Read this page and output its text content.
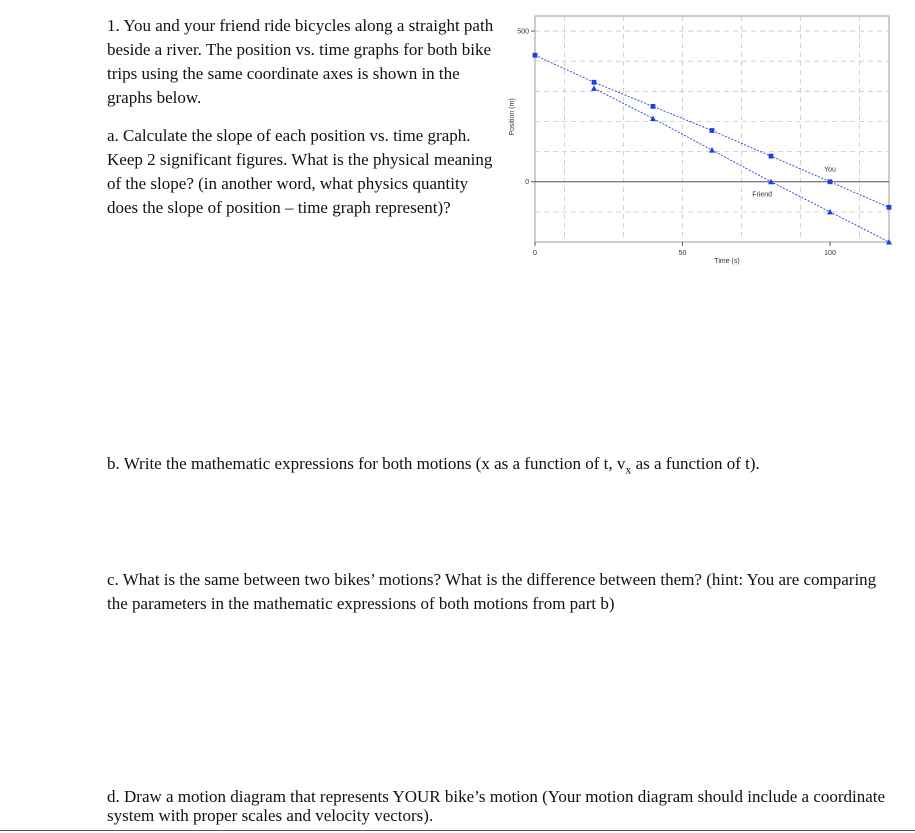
1. You and your friend ride bicycles along a straight path beside a river. The position vs. time graphs for both bike trips using the same coordinate axes is shown in the graphs below.

a. Calculate the slope of each position vs. time graph. Keep 2 significant figures. What is the physical meaning of the slope? (in another word, what physics quantity does the slope of position – time graph represent)?

0	50	100
0
500
Time (s)
Position (m)
You
Friend

b. Write the mathematic expressions for both motions (x as a function of t, $v_x$ as a function of t).

c. What is the same between two bikes’ motions? What is the difference between them? (hint: You are comparing the parameters in the mathematic expressions of both motions from part b)

d. Draw a motion diagram that represents YOUR bike’s motion (Your motion diagram should include a coordinate system with proper scales and velocity vectors).
